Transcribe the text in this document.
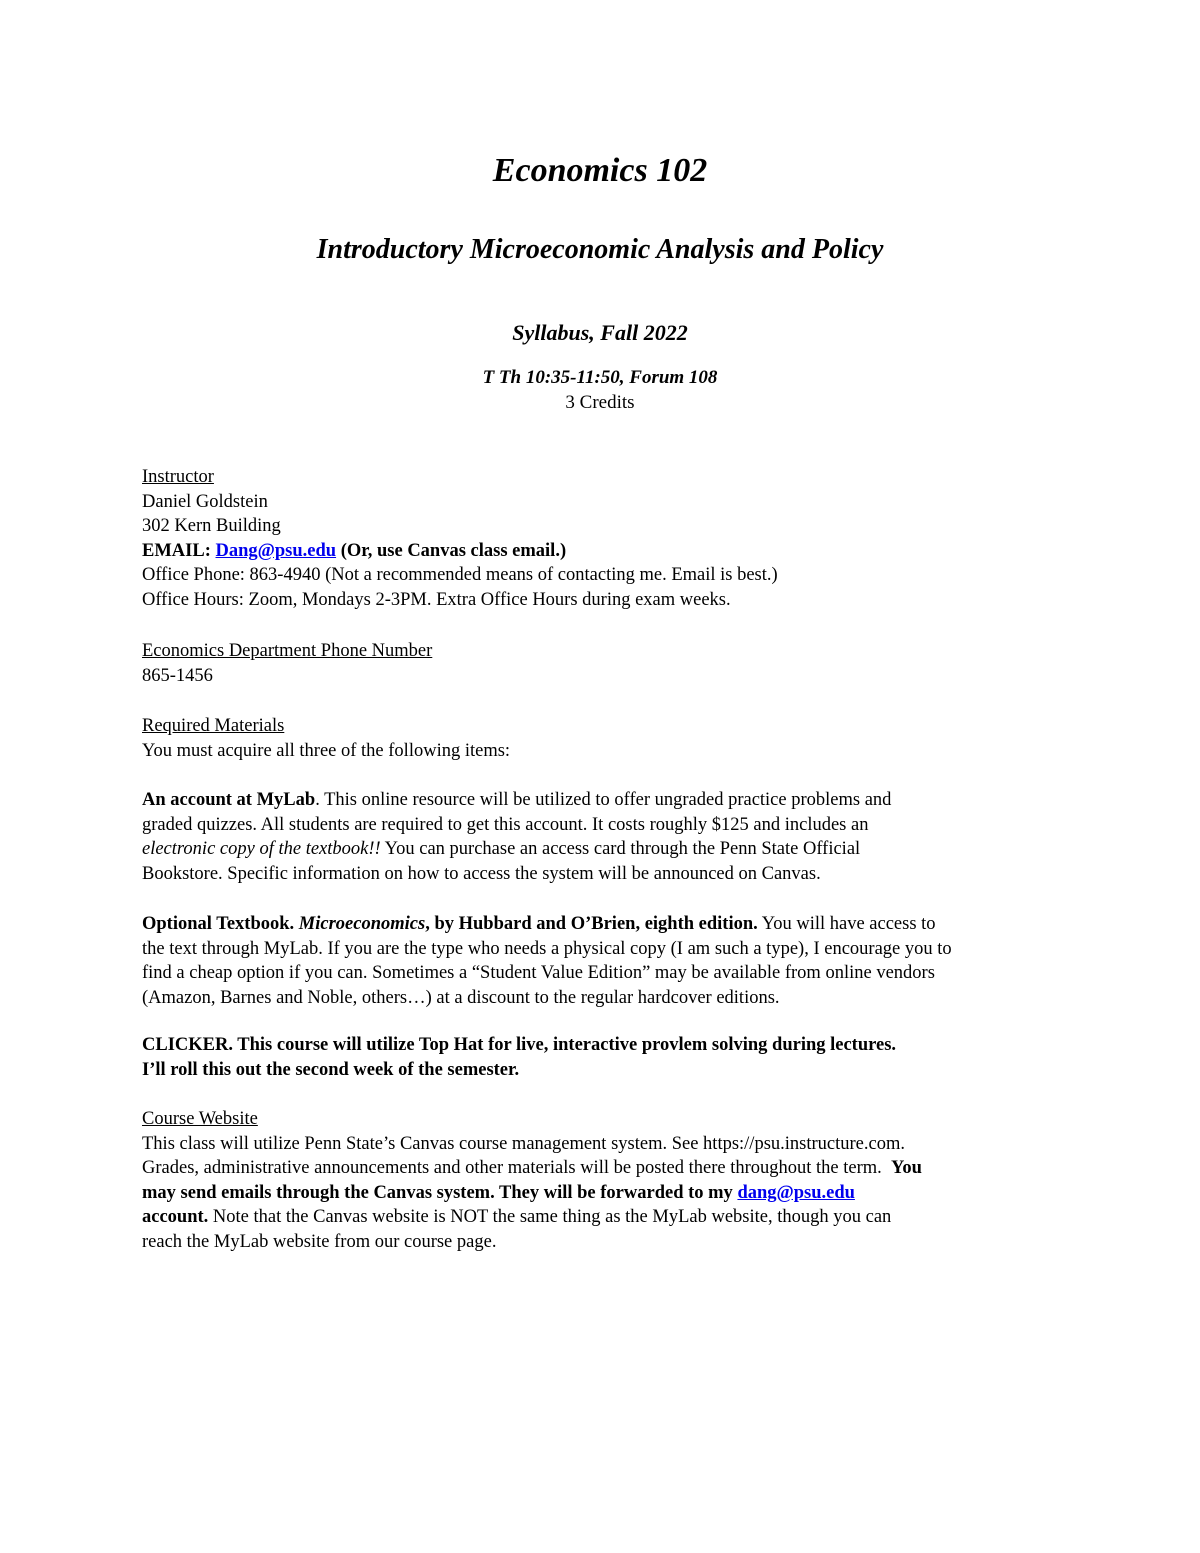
Economics 102
Introductory Microeconomic Analysis and Policy
Syllabus, Fall 2022
T Th 10:35-11:50, Forum 108
3 Credits
Instructor
Daniel Goldstein
302 Kern Building
EMAIL: Dang@psu.edu (Or, use Canvas class email.)
Office Phone: 863-4940 (Not a recommended means of contacting me. Email is best.)
Office Hours: Zoom, Mondays 2-3PM. Extra Office Hours during exam weeks.
Economics Department Phone Number
865-1456
Required Materials
You must acquire all three of the following items:
An account at MyLab. This online resource will be utilized to offer ungraded practice problems and
graded quizzes. All students are required to get this account. It costs roughly $125 and includes an
electronic copy of the textbook!! You can purchase an access card through the Penn State Official
Bookstore. Specific information on how to access the system will be announced on Canvas.
Optional Textbook. Microeconomics, by Hubbard and O’Brien, eighth edition. You will have access to
the text through MyLab. If you are the type who needs a physical copy (I am such a type), I encourage you to
find a cheap option if you can. Sometimes a “Student Value Edition” may be available from online vendors
(Amazon, Barnes and Noble, others…) at a discount to the regular hardcover editions.
CLICKER. This course will utilize Top Hat for live, interactive provlem solving during lectures.
I’ll roll this out the second week of the semester.
Course Website
This class will utilize Penn State’s Canvas course management system. See https://psu.instructure.com.
Grades, administrative announcements and other materials will be posted there throughout the term. You
may send emails through the Canvas system. They will be forwarded to my dang@psu.edu
account. Note that the Canvas website is NOT the same thing as the MyLab website, though you can
reach the MyLab website from our course page.
